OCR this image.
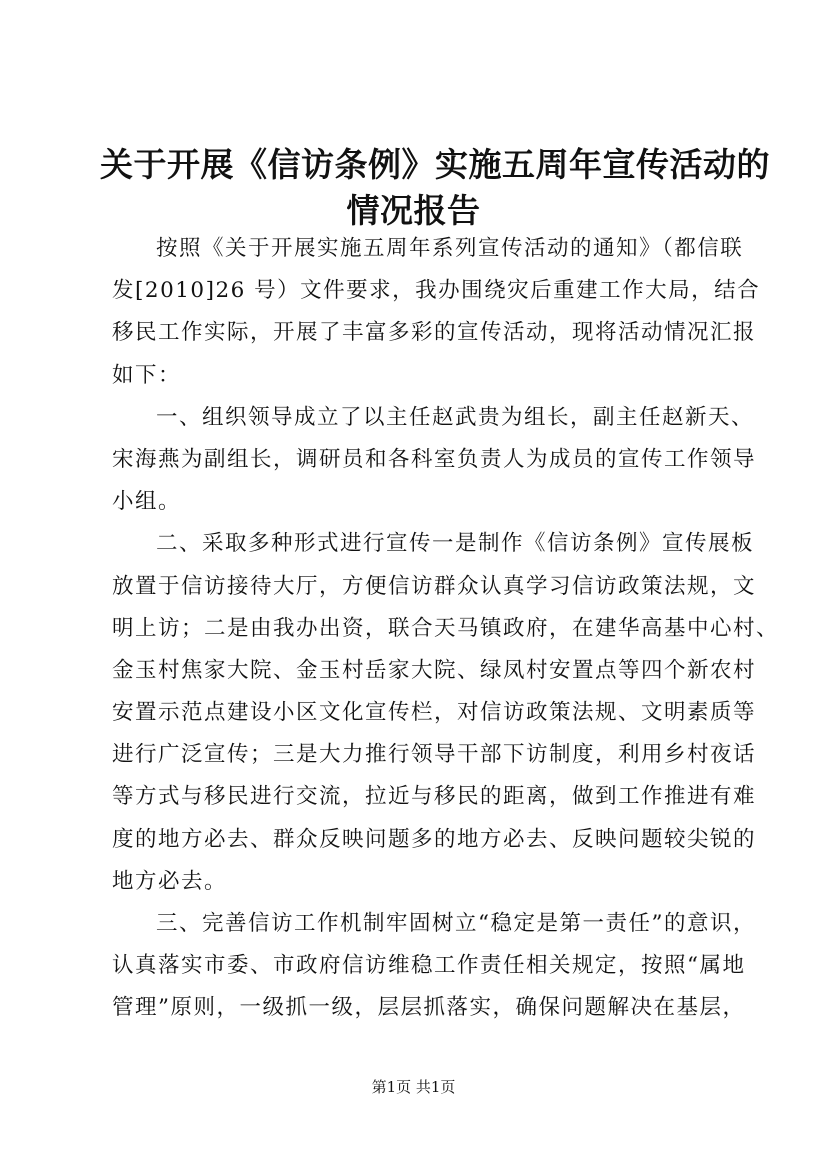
关于开展《信访条例》实施五周年宣传活动的
情况报告
按照《关于开展实施五周年系列宣传活动的通知》（都信联
发[2010]26 号）文件要求，我办围绕灾后重建工作大局，结合
移民工作实际，开展了丰富多彩的宣传活动，现将活动情况汇报
如下：
一、组织领导成立了以主任赵武贵为组长，副主任赵新天、
宋海燕为副组长，调研员和各科室负责人为成员的宣传工作领导
小组。
二、采取多种形式进行宣传一是制作《信访条例》宣传展板
放置于信访接待大厅，方便信访群众认真学习信访政策法规，文
明上访；二是由我办出资，联合天马镇政府，在建华高基中心村、
金玉村焦家大院、金玉村岳家大院、绿凤村安置点等四个新农村
安置示范点建设小区文化宣传栏，对信访政策法规、文明素质等
进行广泛宣传；三是大力推行领导干部下访制度，利用乡村夜话
等方式与移民进行交流，拉近与移民的距离，做到工作推进有难
度的地方必去、群众反映问题多的地方必去、反映问题较尖锐的
地方必去。
三、完善信访工作机制牢固树立“稳定是第一责任”的意识，
认真落实市委、市政府信访维稳工作责任相关规定，按照“属地
管理”原则，一级抓一级，层层抓落实，确保问题解决在基层，
第1页 共1页
